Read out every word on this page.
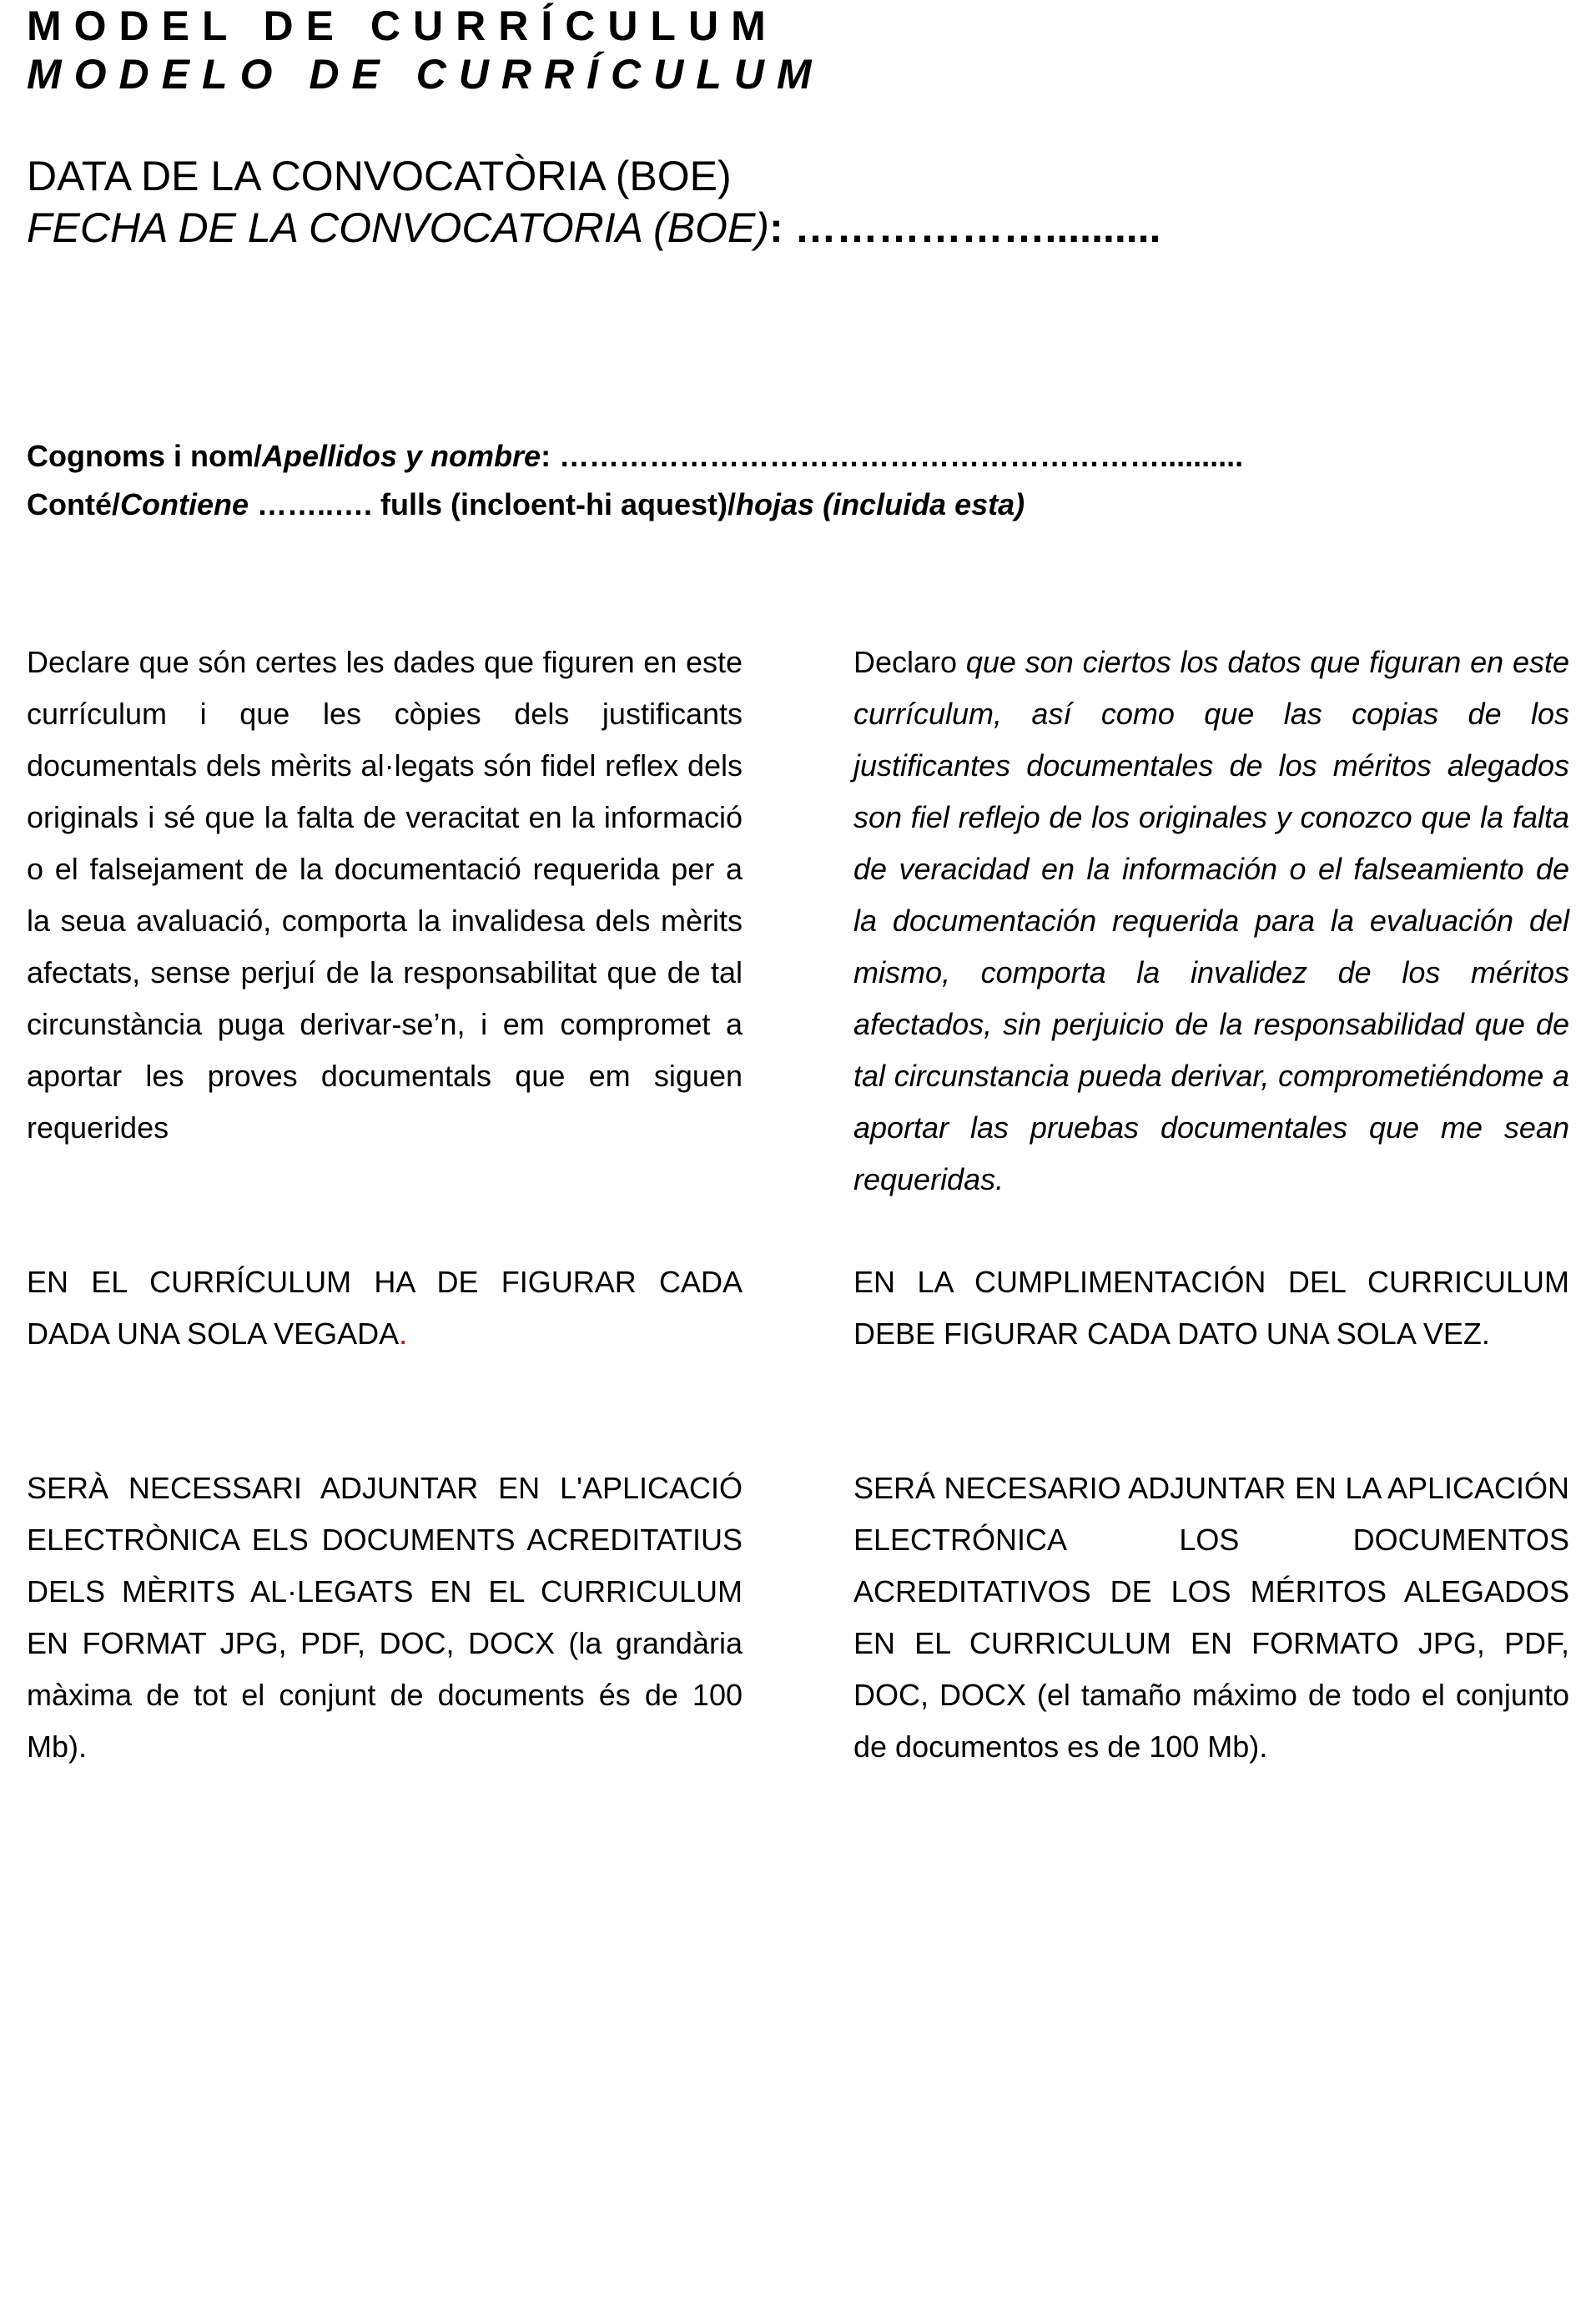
MODEL DE CURRÍCULUM
MODELO DE CURRÍCULUM
DATA DE LA CONVOCATÒRIA (BOE)
FECHA DE LA CONVOCATORIA (BOE): ………………..........
Cognoms i nom/Apellidos y nombre: ……………………………………………………..........
Conté/Contiene ……..…. fulls (incloent-hi aquest)/hojas (incluida esta)

Declare que són certes les dades que figuren en este currículum i que les còpies dels justificants documentals dels mèrits al·legats són fidel reflex dels originals i sé que la falta de veracitat en la informació o el falsejament de la documentació requerida per a la seua avaluació, comporta la invalidesa dels mèrits afectats, sense perjuí de la responsabilitat que de tal circunstància puga derivar-se’n, i em compromet a aportar les proves documentals que em siguen requerides

Declaro que son ciertos los datos que figuran en este currículum, así como que las copias de los justificantes documentales de los méritos alegados son fiel reflejo de los originales y conozco que la falta de veracidad en la información o el falseamiento de la documentación requerida para la evaluación del mismo, comporta la invalidez de los méritos afectados, sin perjuicio de la responsabilidad que de tal circunstancia pueda derivar, comprometiéndome a aportar las pruebas documentales que me sean requeridas.

EN EL CURRÍCULUM HA DE FIGURAR CADA DADA UNA SOLA VEGADA.

EN LA CUMPLIMENTACIÓN DEL CURRICULUM DEBE FIGURAR CADA DATO UNA SOLA VEZ.

SERÀ NECESSARI ADJUNTAR EN L'APLICACIÓ ELECTRÒNICA ELS DOCUMENTS ACREDITATIUS DELS MÈRITS AL·LEGATS EN EL CURRICULUM EN FORMAT JPG, PDF, DOC, DOCX (la grandària màxima de tot el conjunt de documents és de 100 Mb).

SERÁ NECESARIO ADJUNTAR EN LA APLICACIÓN ELECTRÓNICA LOS DOCUMENTOS ACREDITATIVOS DE LOS MÉRITOS ALEGADOS EN EL CURRICULUM EN FORMATO JPG, PDF, DOC, DOCX (el tamaño máximo de todo el conjunto de documentos es de 100 Mb).
